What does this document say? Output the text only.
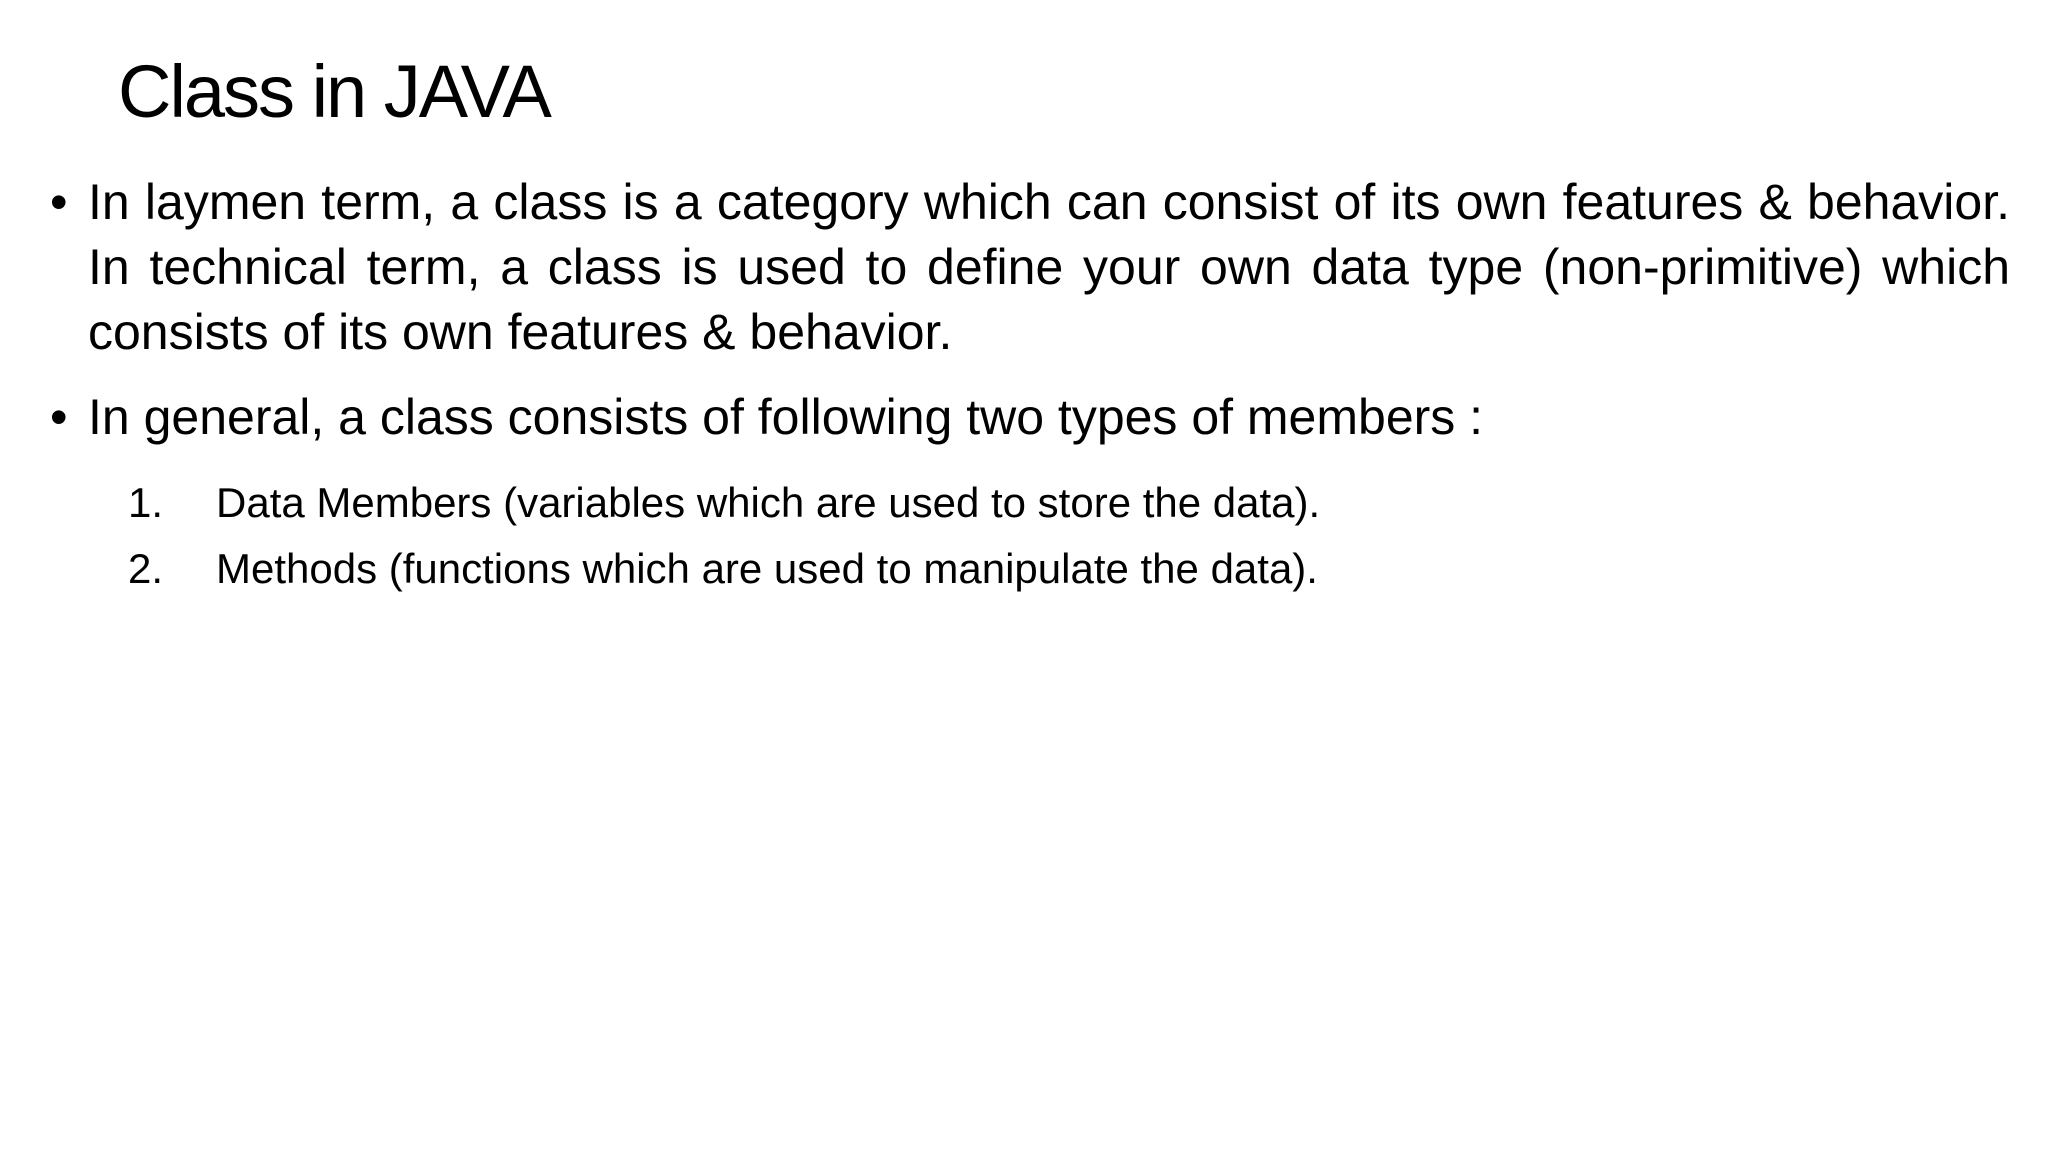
Class in JAVA
• In laymen term, a class is a category which can consist of its own features & behavior. In technical term, a class is used to define your own data type (non-primitive) which consists of its own features & behavior.
• In general, a class consists of following two types of members :
1. Data Members (variables which are used to store the data).
2. Methods (functions which are used to manipulate the data).
